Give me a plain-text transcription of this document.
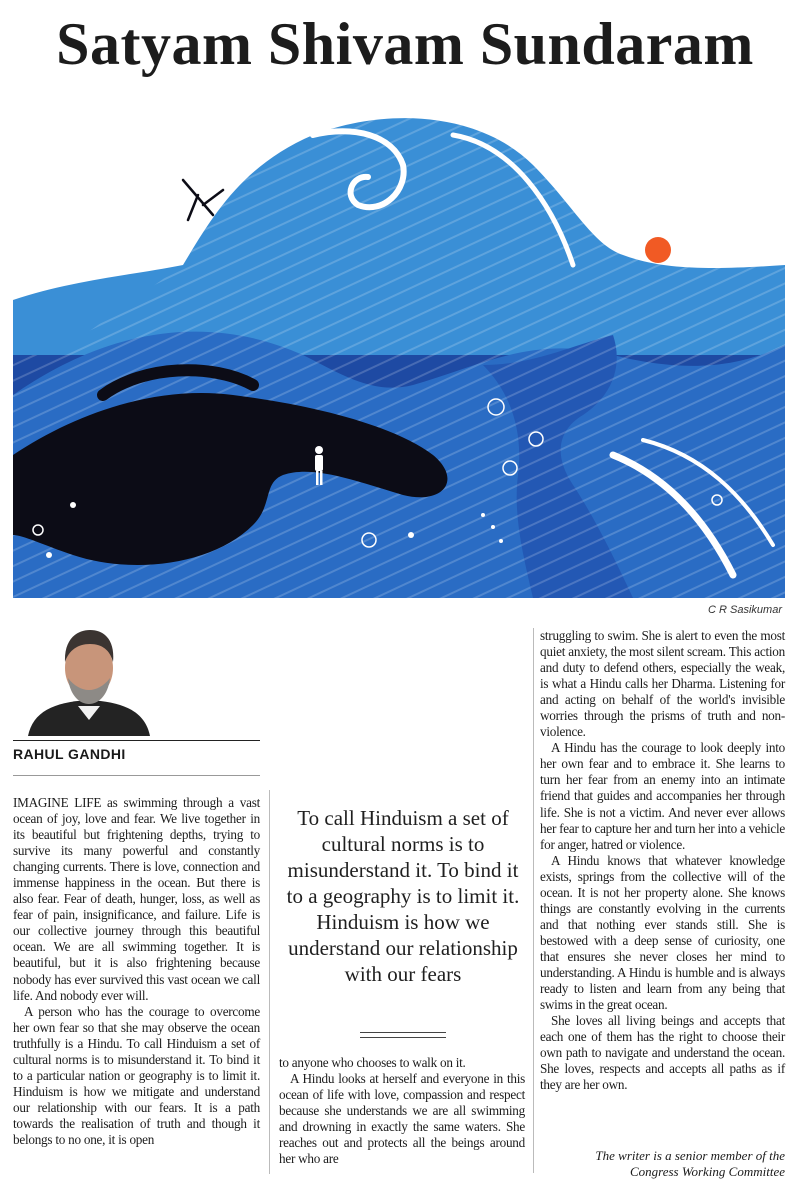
Satyam Shivam Sundaram
C R Sasikumar
RAHUL GANDHI

IMAGINE LIFE as swimming through a vast ocean of joy, love and fear. We live together in its beautiful but frightening depths, trying to survive its many powerful and constantly changing currents. There is love, connection and immense happiness in the ocean. But there is also fear. Fear of death, hunger, loss, as well as fear of pain, insignificance, and failure. Life is our collective journey through this beautiful ocean. We are all swimming together. It is beautiful, but it is also frightening because nobody has ever survived this vast ocean we call life. And nobody ever will.

A person who has the courage to overcome her own fear so that she may observe the ocean truthfully is a Hindu. To call Hinduism a set of cultural norms is to misunderstand it. To bind it to a particular nation or geography is to limit it. Hinduism is how we mitigate and understand our relationship with our fears. It is a path towards the realisation of truth and though it belongs to no one, it is open

To call Hinduism a set of cultural norms is to misunderstand it. To bind it to a geography is to limit it. Hinduism is how we understand our relationship with our fears

to anyone who chooses to walk on it.

A Hindu looks at herself and everyone in this ocean of life with love, compassion and respect because she understands we are all swimming and drowning in exactly the same waters. She reaches out and protects all the beings around her who are

struggling to swim. She is alert to even the most quiet anxiety, the most silent scream. This action and duty to defend others, especially the weak, is what a Hindu calls her Dharma. Listening for and acting on behalf of the world's invisible worries through the prisms of truth and non-violence.

A Hindu has the courage to look deeply into her own fear and to embrace it. She learns to turn her fear from an enemy into an intimate friend that guides and accompanies her through life. She is not a victim. And never ever allows her fear to capture her and turn her into a vehicle for anger, hatred or violence.

A Hindu knows that whatever knowledge exists, springs from the collective will of the ocean. It is not her property alone. She knows things are constantly evolving in the currents and that nothing ever stands still. She is bestowed with a deep sense of curiosity, one that ensures she never closes her mind to understanding. A Hindu is humble and is always ready to listen and learn from any being that swims in the great ocean.

She loves all living beings and accepts that each one of them has the right to choose their own path to navigate and understand the ocean. She loves, respects and accepts all paths as if they are her own.

The writer is a senior member of the Congress Working Committee
